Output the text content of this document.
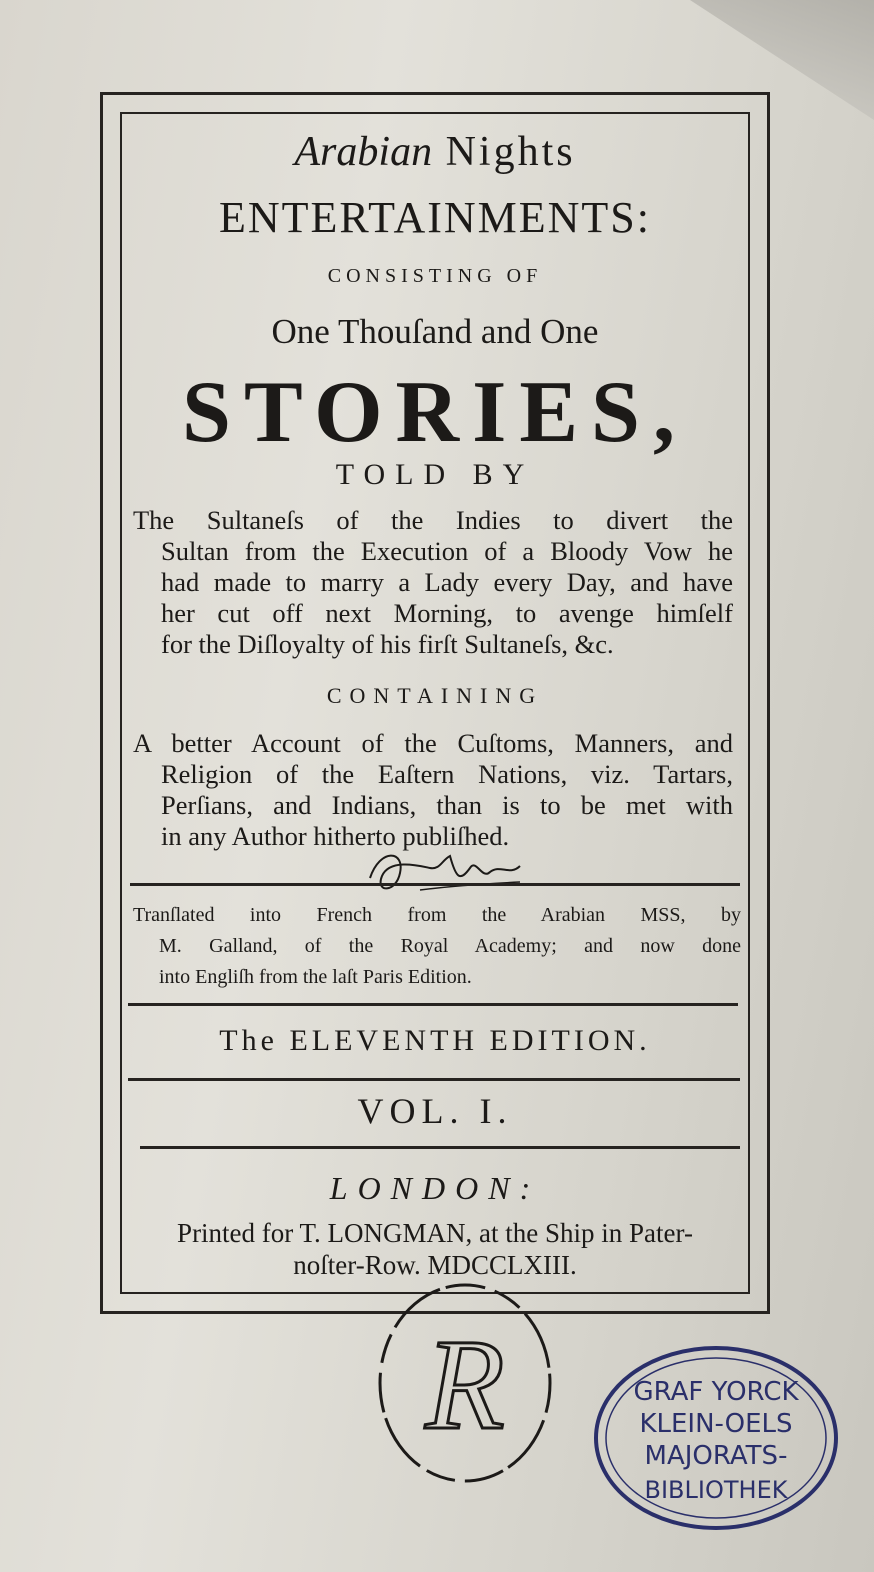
Arabian Nights
ENTERTAINMENTS:
CONSISTING OF
One Thouſand and One
STORIES,
TOLD BY
The Sultaneſs of the Indies to divert the
Sultan from the Execution of a Bloody Vow he
had made to marry a Lady every Day, and have
her cut off next Morning, to avenge himſelf
for the Diſloyalty of his firſt Sultaneſs, &c.
CONTAINING
A better Account of the Cuſtoms, Manners, and
Religion of the Eaſtern Nations, viz. Tartars,
Perſians, and Indians, than is to be met with
in any Author hitherto publiſhed.
Tranſlated into French from the Arabian MSS, by
M. Galland, of the Royal Academy; and now done
into Engliſh from the laſt Paris Edition.
The ELEVENTH EDITION.
VOL. I.
LONDON:
Printed for T. LONGMAN, at the Ship in Pater-
noſter-Row. MDCCLXIII.
R	GRAF YORCK
KLEIN-OELS
MAJORATS-
BIBLIOTHEK
